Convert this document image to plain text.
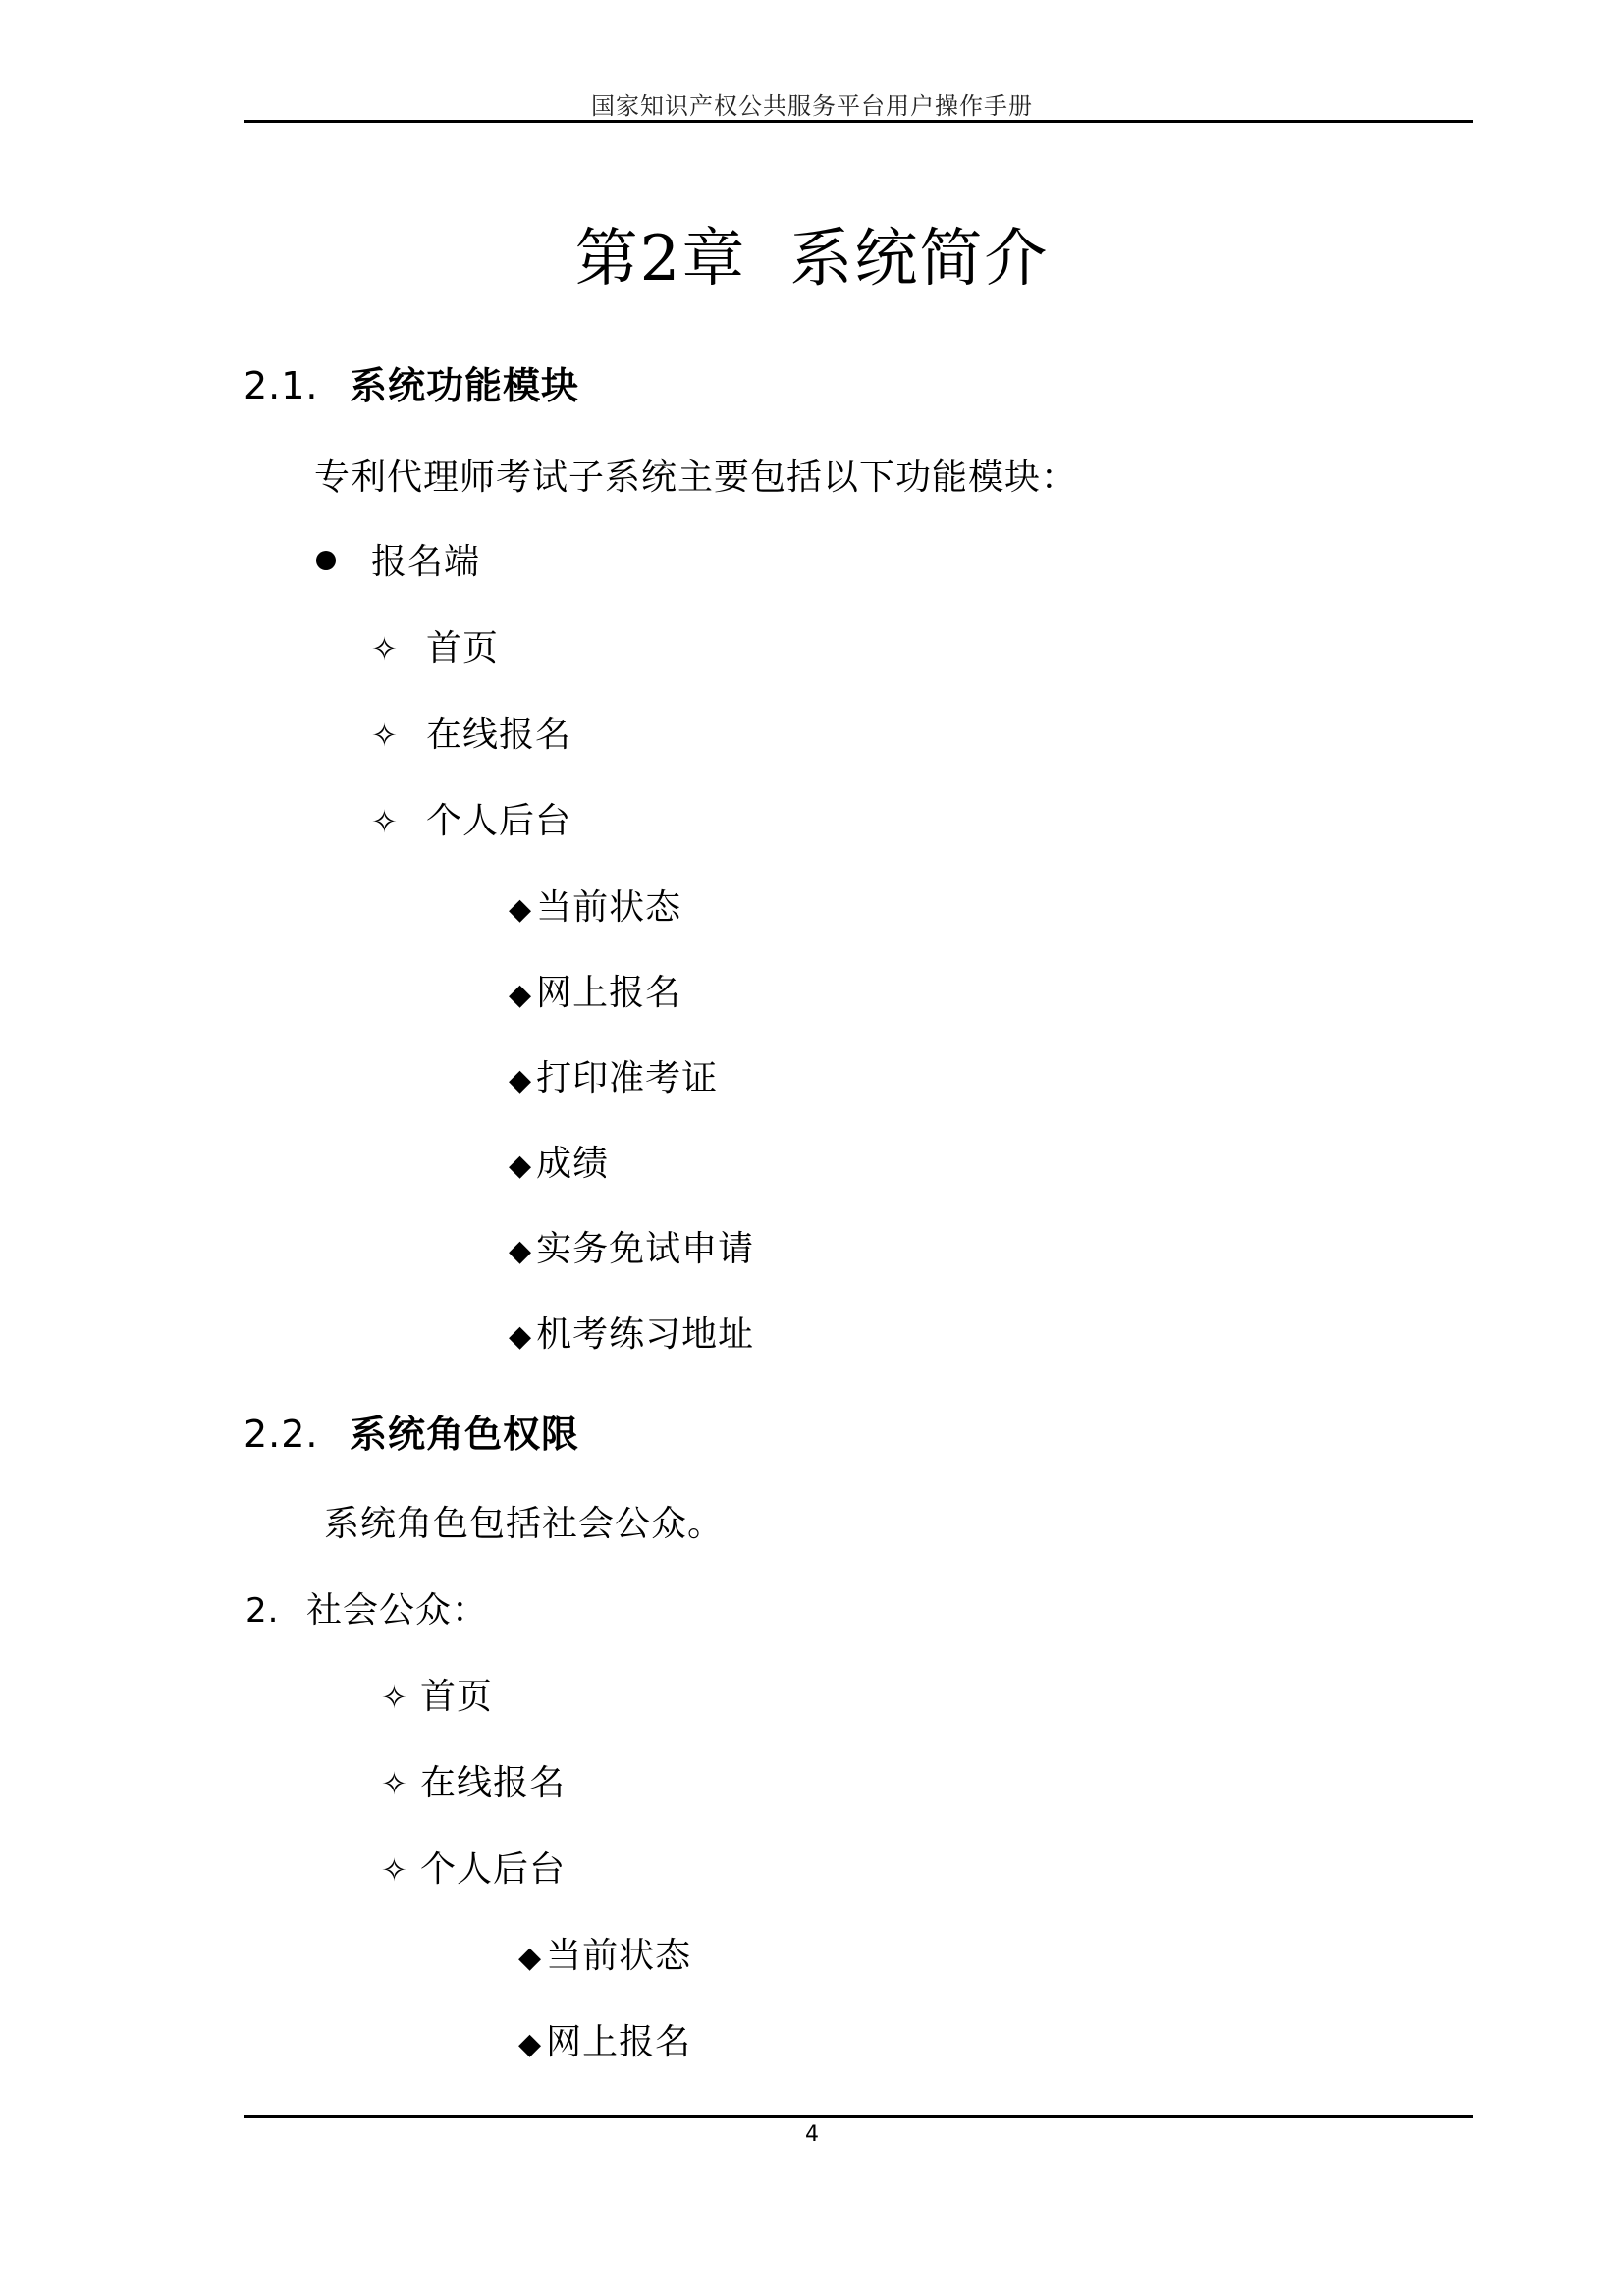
国家知识产权公共服务平台用户操作手册
第2章 系统简介
2.1. 系统功能模块
专利代理师考试子系统主要包括以下功能模块：
报名端
✧ 首页
✧ 在线报名
✧ 个人后台
◆ 当前状态
◆ 网上报名
◆ 打印准考证
◆ 成绩
◆ 实务免试申请
◆ 机考练习地址
2.2. 系统角色权限
系统角色包括社会公众。
2. 社会公众：
✧ 首页
✧ 在线报名
✧ 个人后台
◆ 当前状态
◆ 网上报名
4
